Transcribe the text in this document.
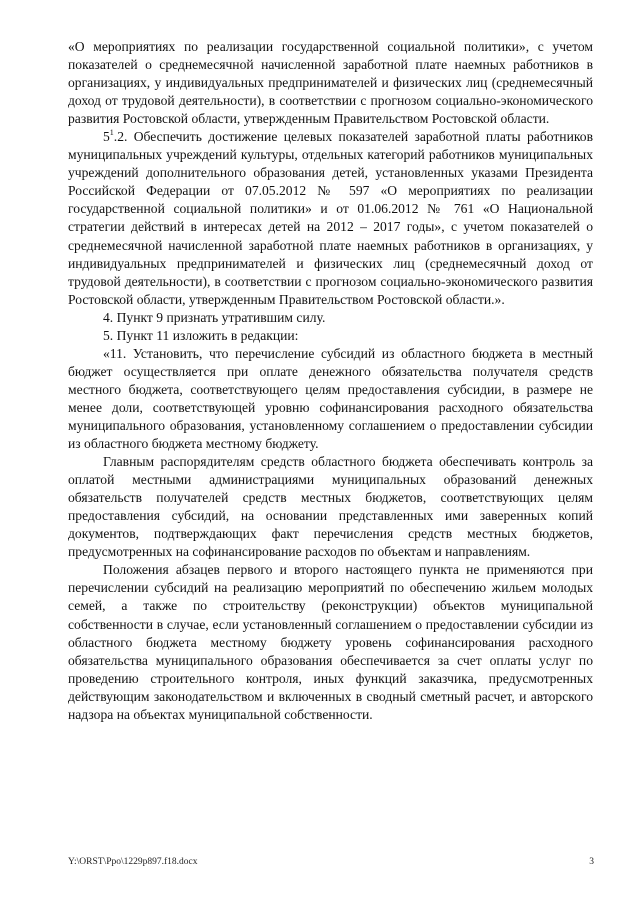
«О мероприятиях по реализации государственной социальной политики», с учетом показателей о среднемесячной начисленной заработной плате наемных работников в организациях, у индивидуальных предпринимателей и физических лиц (среднемесячный доход от трудовой деятельности), в соответствии с прогнозом социально-экономического развития Ростовской области, утвержденным Правительством Ростовской области.

$5^1.2$. Обеспечить достижение целевых показателей заработной платы работников муниципальных учреждений культуры, отдельных категорий работников муниципальных учреждений дополнительного образования детей, установленных указами Президента Российской Федерации от 07.05.2012 № 597 «О мероприятиях по реализации государственной социальной политики» и от 01.06.2012 № 761 «О Национальной стратегии действий в интересах детей на 2012 – 2017 годы», с учетом показателей о среднемесячной начисленной заработной плате наемных работников в организациях, у индивидуальных предпринимателей и физических лиц (среднемесячный доход от трудовой деятельности), в соответствии с прогнозом социально-экономического развития Ростовской области, утвержденным Правительством Ростовской области.».

4. Пункт 9 признать утратившим силу.

5. Пункт 11 изложить в редакции:

«11. Установить, что перечисление субсидий из областного бюджета в местный бюджет осуществляется при оплате денежного обязательства получателя средств местного бюджета, соответствующего целям предоставления субсидии, в размере не менее доли, соответствующей уровню софинансирования расходного обязательства муниципального образования, установленному соглашением о предоставлении субсидии из областного бюджета местному бюджету.

Главным распорядителям средств областного бюджета обеспечивать контроль за оплатой местными администрациями муниципальных образований денежных обязательств получателей средств местных бюджетов, соответствующих целям предоставления субсидий, на основании представленных ими заверенных копий документов, подтверждающих факт перечисления средств местных бюджетов, предусмотренных на софинансирование расходов по объектам и направлениям.

Положения абзацев первого и второго настоящего пункта не применяются при перечислении субсидий на реализацию мероприятий по обеспечению жильем молодых семей, а также по строительству (реконструкции) объектов муниципальной собственности в случае, если установленный соглашением о предоставлении субсидии из областного бюджета местному бюджету уровень софинансирования расходного обязательства муниципального образования обеспечивается за счет оплаты услуг по проведению строительного контроля, иных функций заказчика, предусмотренных действующим законодательством и включенных в сводный сметный расчет, и авторского надзора на объектах муниципальной собственности.

Y:\ORST\Ppo\1229p897.f18.docx	3
